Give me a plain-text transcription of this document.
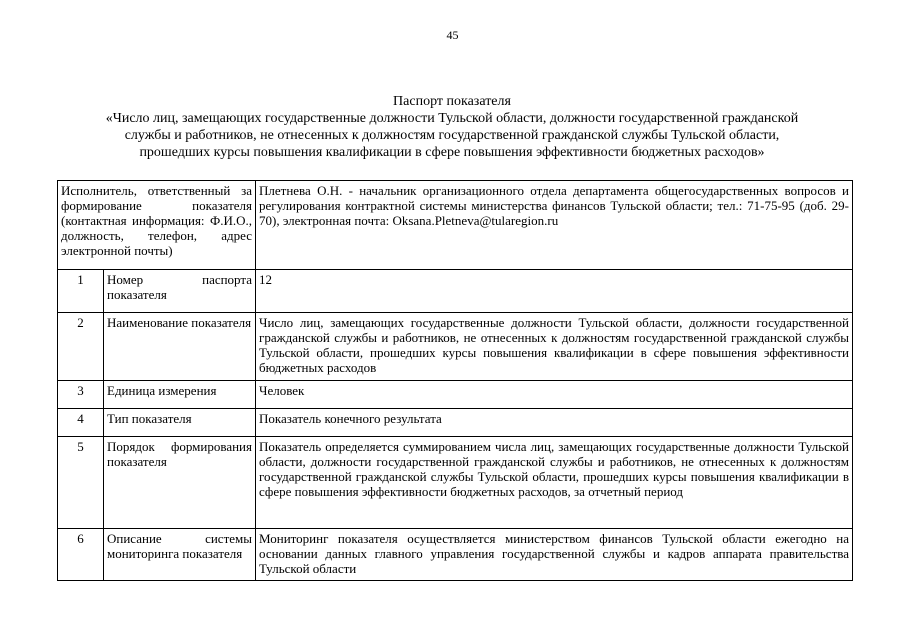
45
Паспорт показателя
«Число лиц, замещающих государственные должности Тульской области, должности государственной гражданской
службы и работников, не отнесенных к должностям государственной гражданской службы Тульской области,
прошедших курсы повышения квалификации в сфере повышения эффективности бюджетных расходов»
Исполнитель, ответственный за формирование показателя (контактная информация: Ф.И.О., должность, телефон, адрес электронной почты)		Плетнева О.Н. - начальник организационного отдела департамента общегосударственных вопросов и регулирования контрактной системы министерства финансов Тульской области; тел.: 71-75-95 (доб. 29-70), электронная почта: Oksana.Pletneva@tularegion.ru
1	Номер паспорта показателя	12
2	Наименование показателя	Число лиц, замещающих государственные должности Тульской области, должности государственной гражданской службы и работников, не отнесенных к должностям государственной гражданской службы Тульской области, прошедших курсы повышения квалификации в сфере повышения эффективности бюджетных расходов
3	Единица измерения	Человек
4	Тип показателя	Показатель конечного результата
5	Порядок формирования показателя	Показатель определяется суммированием числа лиц, замещающих государственные должности Тульской области, должности государственной гражданской службы и работников, не отнесенных к должностям государственной гражданской службы Тульской области, прошедших курсы повышения квалификации в сфере повышения эффективности бюджетных расходов, за отчетный период
6	Описание системы мониторинга показателя	Мониторинг показателя осуществляется министерством финансов Тульской области ежегодно на основании данных главного управления государственной службы и кадров аппарата правительства Тульской области
